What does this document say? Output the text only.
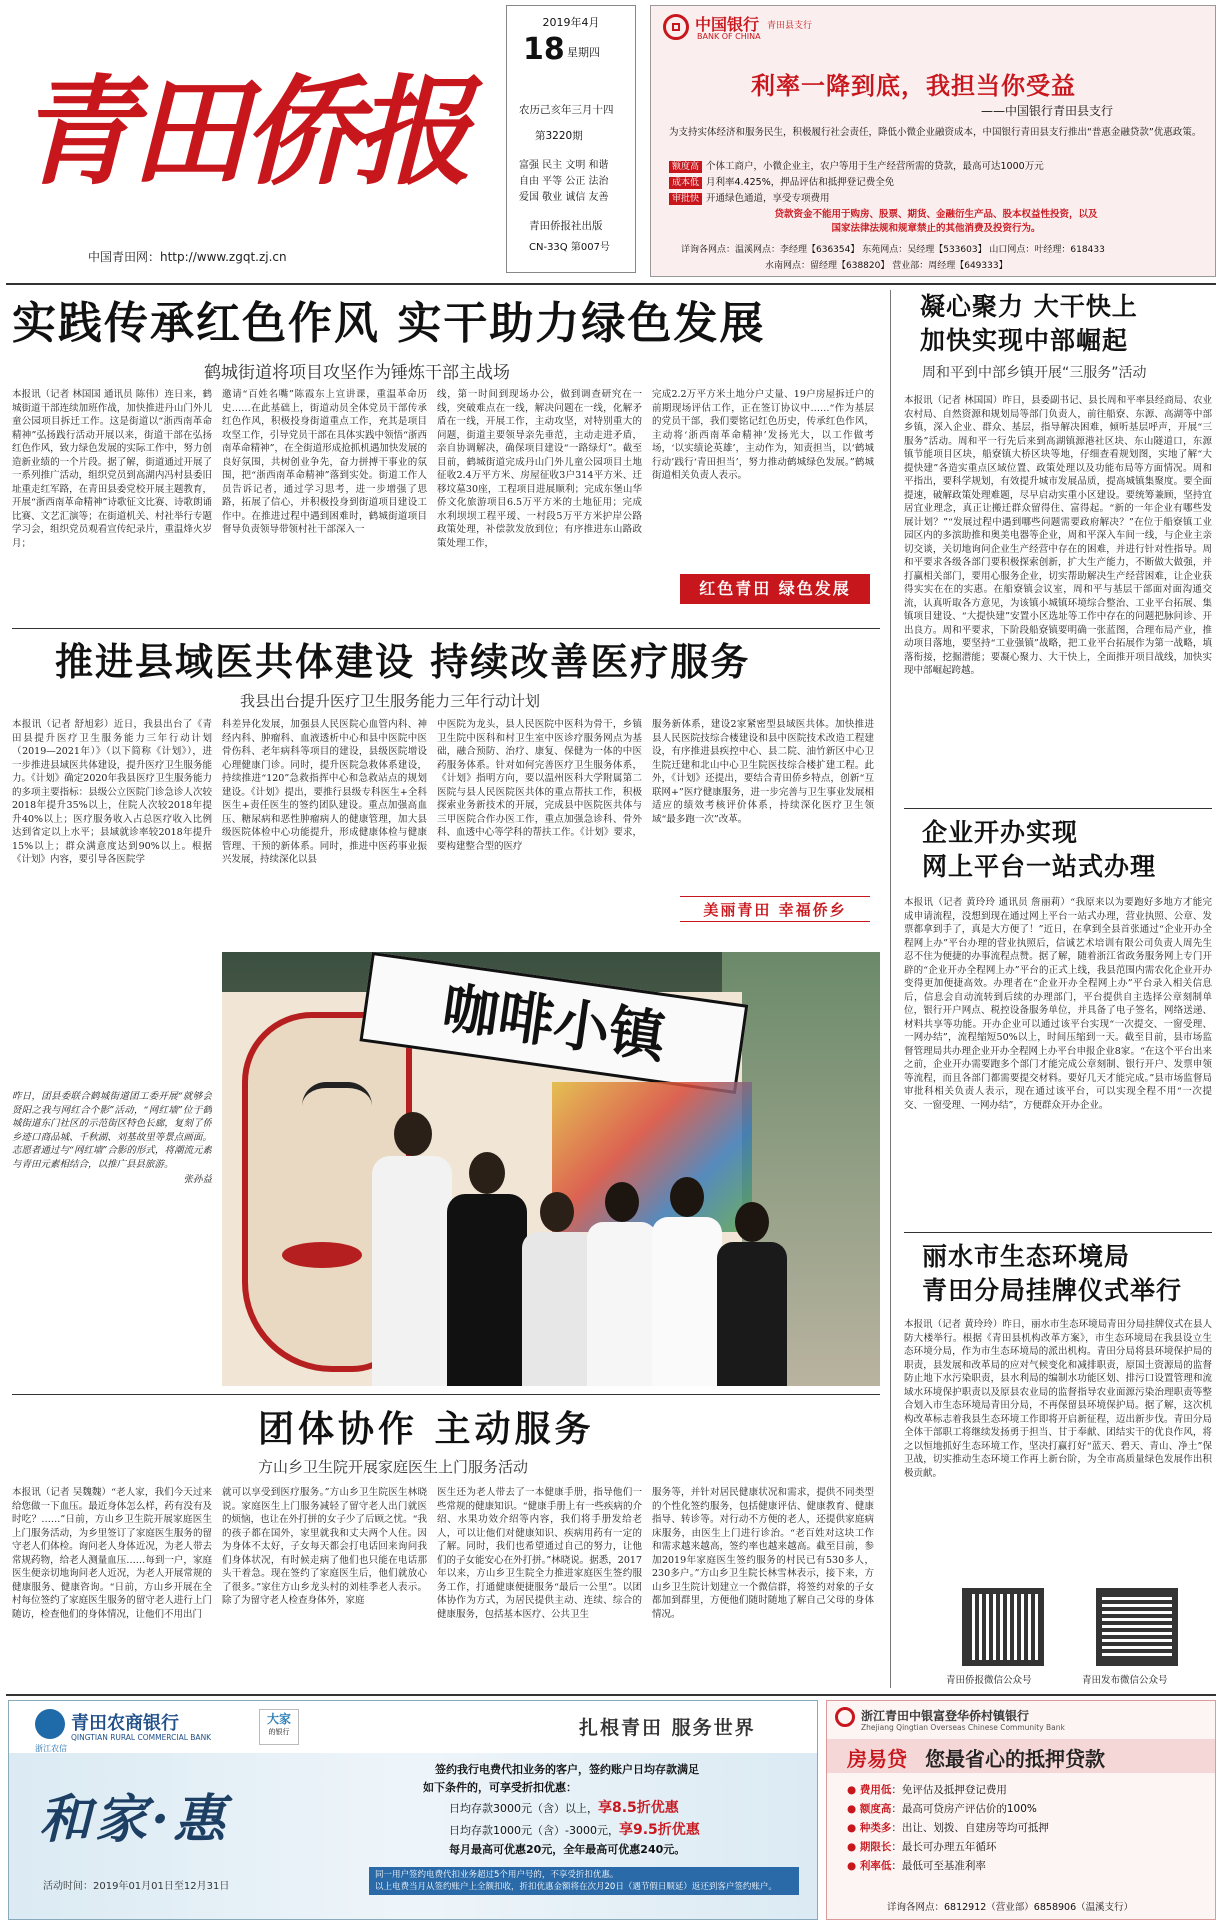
青田侨报
中国青田网：http://www.zgqt.zj.cn
2019年4月
18 星期四
农历己亥年三月十四
第3220期
富强 民主 文明 和谐
自由 平等 公正 法治
爱国 敬业 诚信 友善
青田侨报社出版
CN-33Q 第007号
中国银行 青田县支行
BANK OF CHINA
利率一降到底，我担当你受益
——中国银行青田县支行
为支持实体经济和服务民生，积极履行社会责任，降低小微企业融资成本，中国银行青田县支行推出“普惠金融贷款”优惠政策。
额度高 个体工商户，小微企业主，农户等用于生产经营所需的贷款，最高可达1000万元
成本低 月利率4.425%，押品评估和抵押登记费全免
审批快 开通绿色通道，享受专项费用
贷款资金不能用于购房、股票、期货、金融衍生产品、股本权益性投资，以及国家法律法规和规章禁止的其他消费及投资行为。
详询各网点：温溪网点：李经理【636354】 东苑网点：吴经理【533603】 山口网点：叶经理：618433
水南网点：留经理【638820】 营业部：周经理【649333】
实践传承红色作风 实干助力绿色发展
鹤城街道将项目攻坚作为锤炼干部主战场
本报讯（记者 林国国 通讯员 陈伟）连日来，鹤城街道干部连续加班作战，加快推进丹山门外儿童公园项目拆迁工作。这是街道以“浙西南革命精神”弘扬践行活动开展以来，街道干部在弘扬红色作风，致力绿色发展的实际工作中，努力创造新业绩的一个片段。据了解，街道通过开展了一系列推广活动，组织党员到高湖内冯村县委旧址重走红军路，在青田县委党校开展主题教育，开展“浙西南革命精神”诗歌征文比赛、诗歌朗诵比赛、文艺汇演等；在街道机关、村社举行专题学习会，组织党员观看宣传纪录片，重温烽火岁月；
邀请“百姓名嘴”陈霞东上宣讲课，重温革命历史……在此基础上，街道动员全体党员干部传承红色作风，积极投身街道重点工作，充其是项目攻坚工作，引导党员干部在具体实践中领悟“浙西南革命精神”，在全街道形成抢抓机遇加快发展的良好氛围，共树创业争先，奋力拼搏干事业的氛围，把“浙西南革命精神”落到实处。街道工作人员告诉记者，通过学习思考，进一步增强了思路，拓展了信心，并积极投身到街道项目建设工作中。在推进过程中遇到困难时，鹤城街道项目督导负责领导带领村社干部深入一
线，第一时间到现场办公，做到调查研究在一线，突破难点在一线，解决问题在一线，化解矛盾在一线，开展工作，主动攻坚，对特别重大的问题，街道主要领导亲先垂范，主动走进矛盾，亲自协调解决，确保项目建设“一路绿灯”。截至目前，鹤城街道完成丹山门外儿童公园项目土地征收2.4万平方米、房屋征收3户314平方米、迁移坟墓30座，工程项目进展顺利；完成东堡山华侨文化旅游项目6.5万平方米的土地征用；完成水利坝坝工程平瑷、一村段5万平方米护岸公路政策处理，补偿款发放到位；有序推进东山路政策处理工作，
完成2.2万平方米土地分户丈量、19户房屋拆迁户的前期现场评估工作，正在签订协议中……“作为基层的党员干部，我们要铭记红色历史，传承红色作风，主动将‘浙西南革命精神’发扬光大，以工作做考场，‘以实绩论英雄’，主动作为，知责担当，以‘鹤城行动’践行‘青田担当’，努力推动鹤城绿色发展。”鹤城街道相关负责人表示。
红色青田 绿色发展
推进县域医共体建设 持续改善医疗服务
我县出台提升医疗卫生服务能力三年行动计划
本报讯（记者 舒旭彩）近日，我县出台了《青田县提升医疗卫生服务能力三年行动计划（2019—2021年）》（以下简称《计划》），进一步推进县域医共体建设，提升医疗卫生服务能力。《计划》确定2020年我县医疗卫生服务能力的多项主要指标：县级公立医院门诊急诊人次较2018年提升35%以上，住院人次较2018年提升40%以上；医疗服务收入占总医疗收入比例达到省定以上水平；县域就诊率较2018年提升15%以上；群众满意度达到90%以上。根据《计划》内容，要引导各医院学
科差异化发展，加强县人民医院心血管内科、神经内科、肿瘤科、血液透析中心和县中医院中医骨伤科、老年病科等项目的建设，县级医院增设心理健康门诊。同时，提升医院急救体系建设，持续推进“120”急救指挥中心和急救站点的规划建设。《计划》提出，要推行县级专科医生+全科医生+责任医生的签约团队建设。重点加强高血压、糖尿病和恶性肿瘤病人的健康管理，加大县级医院体检中心功能提升，形成健康体检与健康管理、干预的新体系。同时，推进中医药事业振兴发展，持续深化以县
中医院为龙头，县人民医院中医科为骨干，乡镇卫生院中医科和村卫生室中医诊疗服务网点为基础，融合预防、治疗、康复、保健为一体的中医药服务体系。针对如何完善医疗卫生服务体系，《计划》指明方向，要以温州医科大学附属第二医院与县人民医院医共体的重点帮扶工作，积极探索业务新技术的开展，完成县中医院医共体与三甲医院合作办医工作，重点加强急诊科、骨外科、血透中心等学科的帮扶工作。《计划》要求，要构建整合型的医疗
服务新体系，建设2家紧密型县域医共体。加快推进县人民医院技综合楼建设和县中医院技术改造工程建设，有序推进县疾控中心、县二院、油竹新区中心卫生院迁建和北山中心卫生院医技综合楼扩建工程。此外，《计划》还提出，要结合青田侨乡特点，创新“互联网+”医疗健康服务，进一步完善与卫生事业发展相适应的绩效考核评价体系，持续深化医疗卫生领域“最多跑一次”改革。
美丽青田 幸福侨乡
昨日，团县委联合鹤城街道团工委开展“就够会贤阳之我与网红合个影”活动，“网红墙”位于鹤城街道东门社区的示范街区特色长廊，复刻了侨乡迹口商品城、千秋湖、刘基故里等景点画面。志愿者通过与“网红墙”合影的形式，将潮流元素与青田元素相结合，以推广县县旅游。
张孙益
咖啡小镇
团体协作 主动服务
方山乡卫生院开展家庭医生上门服务活动
本报讯（记者 吴魏魏）“老人家，我们今天过来给您做一下血压。最近身体怎么样，药有没有及时吃？……”日前，方山乡卫生院开展家庭医生上门服务活动，为乡里签订了家庭医生服务的留守老人们体检。询问老人身体近况，为老人带去常规药物，给老人测量血压……每到一户，家庭医生便亲切地询问老人近况，为老人开展常规的健康服务、健康咨询。“日前，方山乡开展在全村每位签约了家庭医生服务的留守老人进行上门随访，检查他们的身体情况，让他们不用出门
就可以享受到医疗服务。”方山乡卫生院医生林晓说。家庭医生上门服务减轻了留守老人出门就医的烦恼，也让在外打拼的女子少了后顾之忧。“我的孩子都在国外，家里就我和丈夫两个人住。因为身体不太好，子女每天都会打电话回来询问我们身体状况，有时候走病了他们也只能在电话那头干着急。现在签约了家庭医生后，他们就放心了很多。”家住方山乡龙头村的刘桂季老人表示。除了为留守老人检查身体外，家庭
医生还为老人带去了一本健康手册，指导他们一些常规的健康知识。“健康手册上有一些疾病的介绍、水果功效介绍等内容，我们将手册发给老人，可以让他们对健康知识、疾病用药有一定的了解。同时，我们也希望通过自己的努力，让他们的子女能安心在外打拼。”林晓说。据悉，2017年以来，方山乡卫生院全力推进家庭医生签约服务工作，打通健康便捷服务“最后一公里”。以团体协作为方式，为居民提供主动、连续、综合的健康服务，包括基本医疗、公共卫生
服务等，并针对居民健康状况和需求，提供不同类型的个性化签约服务，包括健康评估、健康教育、健康指导、转诊等。对行动不方便的老人，还提供家庭病床服务，由医生上门进行诊治。“老百姓对这块工作和需求越来越高，签约率也越来越高。截至目前，参加2019年家庭医生签约服务的村民已有530多人，230多户。”方山乡卫生院长林雪林表示，接下来，方山乡卫生院计划建立一个微信群，将签约对象的子女都加到群里，方便他们随时随地了解自己父母的身体情况。
凝心聚力 大干快上
加快实现中部崛起
周和平到中部乡镇开展“三服务”活动
本报讯（记者 林国国）昨日，县委副书记、县长周和平率县经商局、农业农村局、自然资源和规划局等部门负责人，前往船寮、东源、高湖等中部乡镇，深入企业、群众、基层，指导解决困难，倾听基层呼声，开展“三服务”活动。周和平一行先后来到高湖镇源港社区块、东山隧道口，东源镇节能项目区块，船寮镇大桥区块等地，仔细查看规划图，实地了解“大提快建”各造实重点区域位置、政策处理以及功能布局等方面情况。周和平指出，要科学规划，有效提升城市发展品质，提高城镇集聚度。要全面提速，破解政策处理难题，尽早启动实重小区建设。要统筹兼顾，坚持宜居宜业理念，真正让搬迁群众留得住、富得起。“新的一年企业有哪些发展计划？”“发展过程中遇到哪些问题需要政府解决？”在位于船寮镇工业园区内的多滨助推和奥美电器等企业，周和平深入车间一线，与企业主亲切交谈，关切地询问企业生产经营中存在的困难，并进行针对性指导。周和平要求各级各部门要积极探索创新，扩大生产能力，不断做大做强，并打赢相关部门，要用心服务企业，切实帮助解决生产经营困难，让企业获得实实在在的实惠。在船寮镇会议室，周和平与基层干部面对面沟通交流，认真听取各方意见，为该镇小城镇环境综合整治、工业平台拓展、集镇项目建设、“大提快建”安置小区选址等工作中存在的问题把脉问诊、开出良方。周和平要求，下阶段船寮镇要明确一张蓝图，合理布局产业，推动项目落地，要坚持“工业强镇”战略，把工业平台拓展作为第一战略，填落衔接，挖掘潜能；要凝心聚力、大干快上，全面推开项目战线，加快实现中部崛起跨越。
企业开办实现
网上平台一站式办理
本报讯（记者 黄玲玲 通讯员 詹丽莉）“我原来以为要跑好多地方才能完成申请流程，没想到现在通过网上平台一站式办理，营业执照、公章、发票都拿到手了，真是大方便了！”近日，在拿到全县首张通过“企业开办全程网上办”平台办理的营业执照后，信诚艺术培训有限公司负责人周先生忍不住为便捷的办事流程点赞。据了解，随着浙江省政务服务网上专门开辟的“企业开办全程网上办”平台的正式上线，我县范围内需农化企业开办变得更加便捷高效。办理者在“企业开办全程网上办”平台录入相关信息后，信息会自动流转到后续的办理部门，平台提供自主选择公章刻制单位，银行开户网点、税控设备服务单位，并具备了电子签名，网络送递、材料共享等功能。开办企业可以通过该平台实现“一次提交、一窗受理、一网办结”，流程缩短50%以上，时间压缩到一天。截至目前，县市场监督管理局共办理企业开办全程网上办平台申报企业8家。“在这个平台出来之前，企业开办需要跑多个部门才能完成公章刻制、银行开户、发票申领等流程，而且各部门都需要提交材料。要好几天才能完成。”县市场监督局审批科相关负责人表示，现在通过该平台，可以实现全程不用“一次提交、一窗受理、一网办结”，方便群众开办企业。
丽水市生态环境局
青田分局挂牌仪式举行
本报讯（记者 黄玲玲）昨日，丽水市生态环境局青田分局挂牌仪式在县人防大楼举行。根据《青田县机构改革方案》，市生态环境局在我县设立生态环境分局，作为市生态环境局的派出机构。青田分局将县环境保护局的职责，县发展和改革局的应对气候变化和减排职责，原国土资源局的监督防止地下水污染职责，县水利局的编制水功能区划、排污口设置管理和流域水环境保护职责以及原县农业局的监督指导农业面源污染治理职责等整合划入市生态环境局青田分局，不再保留县环境保护局。据了解，这次机构改革标志着我县生态环境工作即将开启新征程，迈出新步伐。青田分局全体干部职工将继续发扬勇于担当、甘于奉献、团结实干的优良作风，将之以恒地抓好生态环境工作，坚决打赢打好“蓝天、碧天、青山、净土”保卫战，切实推动生态环境工作再上新台阶，为全市高质量绿色发展作出积极贡献。
青田侨报微信公众号	青田发布微信公众号
青田农商银行
QINGTIAN RURAL COMMERCIAL BANK
浙江农信
大家
的银行	扎根青田 服务世界
和家·惠
活动时间：2019年01月01日至12月31日
签约我行电费代扣业务的客户，签约账户日均存款满足
如下条件的，可享受折扣优惠：
日均存款3000元（含）以上，享8.5折优惠
日均存款1000元（含）-3000元，享9.5折优惠
每月最高可优惠20元，全年最高可优惠240元。
同一用户签约电费代扣业务超过5个用户号的，不享受折扣优惠。
以上电费当月从签约账户上全额扣收，折扣优惠金额将在次月20日（遇节假日顺延）返还到客户签约账户。
浙江青田中银富登华侨村镇银行
Zhejiang Qingtian Overseas Chinese Community Bank
房易贷 您最省心的抵押贷款
● 费用低：免评估及抵押登记费用
● 额度高：最高可贷房产评估价的100%
● 种类多：出让、划拨、自建房等均可抵押
● 期限长：最长可办理五年循环
● 利率低：最低可至基准利率
详询各网点：6812912（营业部）6858906（温溪支行）
